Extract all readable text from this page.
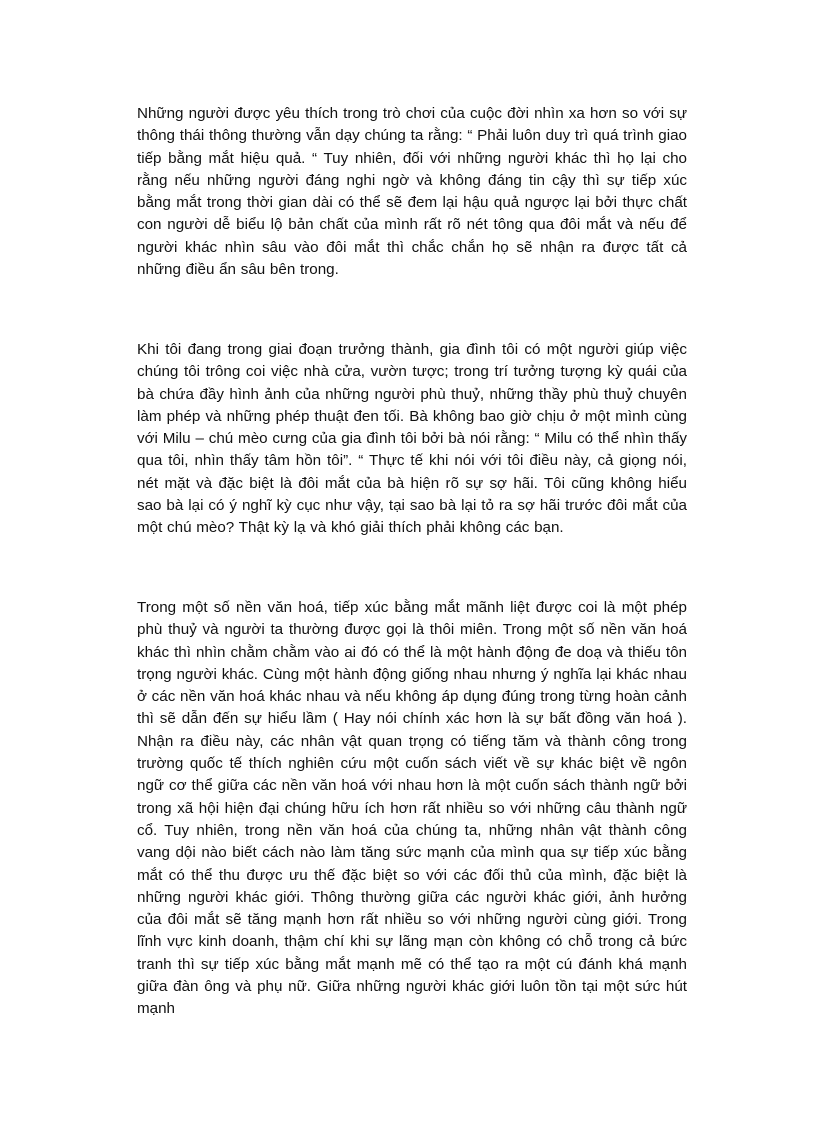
Những người được yêu thích trong trò chơi của cuộc đời nhìn xa hơn so với sự thông thái thông thường vẫn dạy chúng ta rằng: “ Phải luôn duy trì quá trình giao tiếp bằng mắt hiệu quả. “ Tuy nhiên, đối với những người khác thì họ lại cho rằng nếu những người đáng nghi ngờ và không đáng tin cậy thì sự tiếp xúc bằng mắt trong thời gian dài có thể sẽ đem lại hậu quả ngược lại bởi thực chất con người dễ biểu lộ bản chất của mình rất rõ nét tông qua đôi mắt và nếu để người khác nhìn sâu vào đôi mắt thì chắc chắn họ sẽ nhận ra được tất cả những điều ẩn sâu bên trong.

Khi tôi đang trong giai đoạn trưởng thành, gia đình tôi có một người giúp việc chúng tôi trông coi việc nhà cửa, vườn tược; trong trí tưởng tượng kỳ quái của bà chứa đầy hình ảnh của những người phù thuỷ, những thầy phù thuỷ chuyên làm phép và những phép thuật đen tối. Bà không bao giờ chịu ở một mình cùng với Milu – chú mèo cưng của gia đình tôi bởi bà nói rằng: “ Milu có thể nhìn thấy qua tôi, nhìn thấy tâm hồn tôi”. “ Thực tế khi nói với tôi điều này, cả giọng nói, nét mặt và đặc biệt là đôi mắt của bà hiện rõ sự sợ hãi. Tôi cũng không hiểu sao bà lại có ý nghĩ kỳ cục như vậy, tại sao bà lại tỏ ra sợ hãi trước đôi mắt của một chú mèo? Thật kỳ lạ và khó giải thích phải không các bạn.

Trong một số nền văn hoá, tiếp xúc bằng mắt mãnh liệt được coi là một phép phù thuỷ và người ta thường được gọi là thôi miên. Trong một số nền văn hoá khác thì nhìn chằm chằm vào ai đó có thể là một hành động đe doạ và thiếu tôn trọng người khác. Cùng một hành động giống nhau nhưng ý nghĩa lại khác nhau ở các nền văn hoá khác nhau và nếu không áp dụng đúng trong từng hoàn cảnh thì sẽ dẫn đến sự hiểu lầm ( Hay nói chính xác hơn là sự bất đồng văn hoá ). Nhận ra điều này, các nhân vật quan trọng có tiếng tăm và thành công trong trường quốc tế thích nghiên cứu một cuốn sách viết về sự khác biệt về ngôn ngữ cơ thể giữa các nền văn hoá với nhau hơn là một cuốn sách thành ngữ bởi trong xã hội hiện đại chúng hữu ích hơn rất nhiều so với những câu thành ngữ cổ. Tuy nhiên, trong nền văn hoá của chúng ta, những nhân vật thành công vang dội nào biết cách nào làm tăng sức mạnh của mình qua sự tiếp xúc bằng mắt có thể thu được ưu thế đặc biệt so với các đối thủ của mình, đặc biệt là những người khác giới. Thông thường giữa các người khác giới, ảnh hưởng của đôi mắt sẽ tăng mạnh hơn rất nhiều so với những người cùng giới. Trong lĩnh vực kinh doanh, thậm chí khi sự lãng mạn còn không có chỗ trong cả bức tranh thì sự tiếp xúc bằng mắt mạnh mẽ có thể tạo ra một cú đánh khá mạnh giữa đàn ông và phụ nữ. Giữa những người khác giới luôn tồn tại một sức hút mạnh
